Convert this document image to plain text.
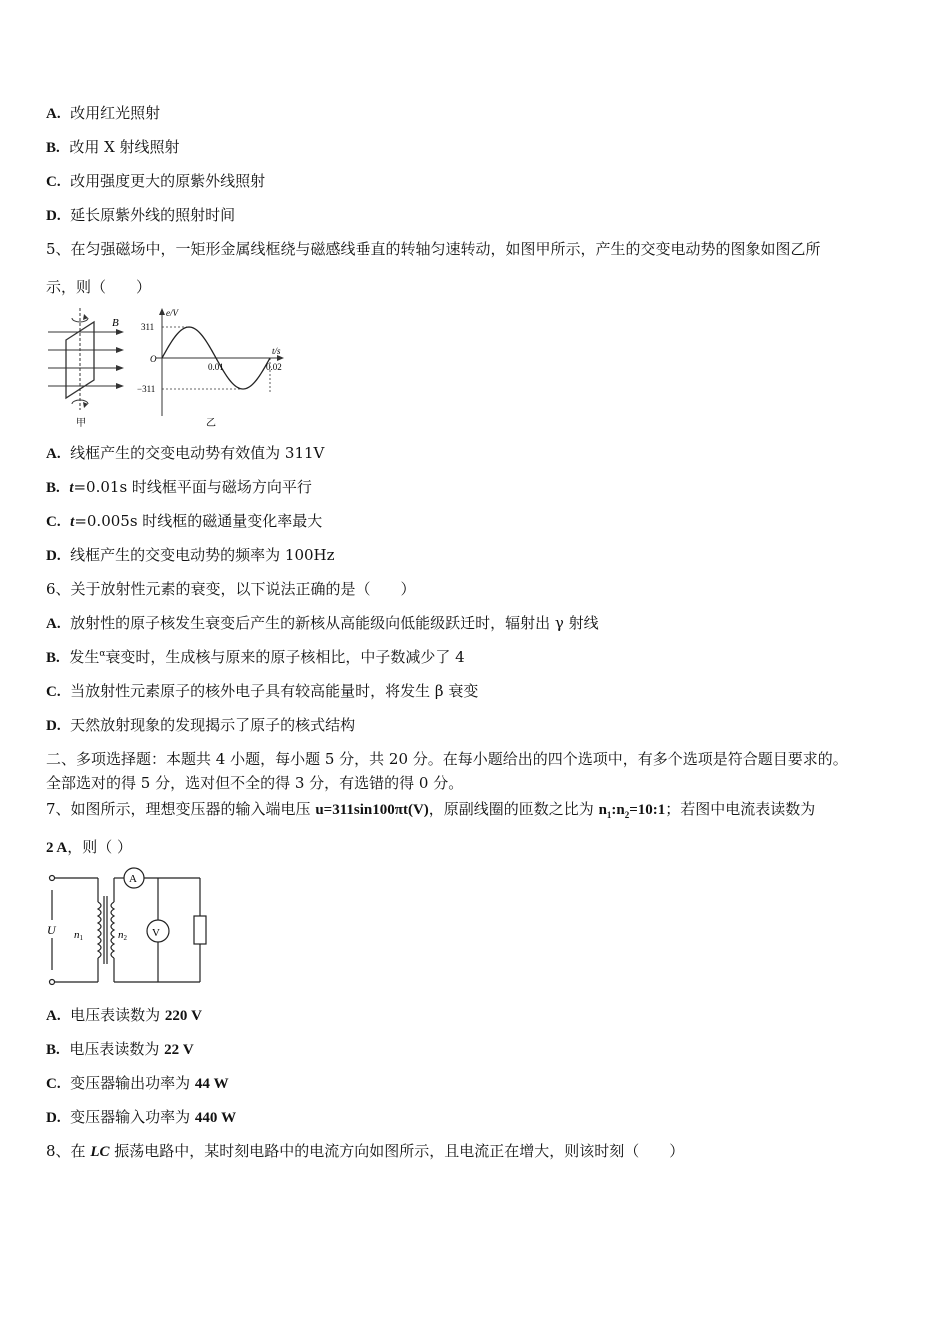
A. 改用红光照射
B. 改用 X 射线照射
C. 改用强度更大的原紫外线照射
D. 延长原紫外线的照射时间
5、在匀强磁场中，一矩形金属线框绕与磁感线垂直的转轴匀速转动，如图甲所示，产生的交变电动势的图象如图乙所
示，则（　　）
B
甲
e/V
t/s
O
311
−311
0.01	0.02
乙
A. 线框产生的交变电动势有效值为 311V
B. t=0.01s 时线框平面与磁场方向平行
C. t=0.005s 时线框的磁通量变化率最大
D. 线框产生的交变电动势的频率为 100Hz
6、关于放射性元素的衰变，以下说法正确的是（　　）
A. 放射性的原子核发生衰变后产生的新核从高能级向低能级跃迁时，辐射出 γ 射线
B. 发生$^\alpha$衰变时，生成核与原来的原子核相比，中子数减少了 4
C. 当放射性元素原子的核外电子具有较高能量时，将发生 β 衰变
D. 天然放射现象的发现揭示了原子的核式结构
二、多项选择题：本题共 4 小题，每小题 5 分，共 20 分。在每小题给出的四个选项中，有多个选项是符合题目要求的。
全部选对的得 5 分，选对但不全的得 3 分，有选错的得 0 分。
7、如图所示，理想变压器的输入端电压 u=311sin100πt(V)，原副线圈的匝数之比为 $n_1:n_2=10:1$；若图中电流表读数为
2 A，则（ ）
A
V
U n1	n2
A. 电压表读数为 220 V
B. 电压表读数为 22 V
C. 变压器输出功率为 44 W
D. 变压器输入功率为 440 W
8、在 LC 振荡电路中，某时刻电路中的电流方向如图所示，且电流正在增大，则该时刻（　　）
